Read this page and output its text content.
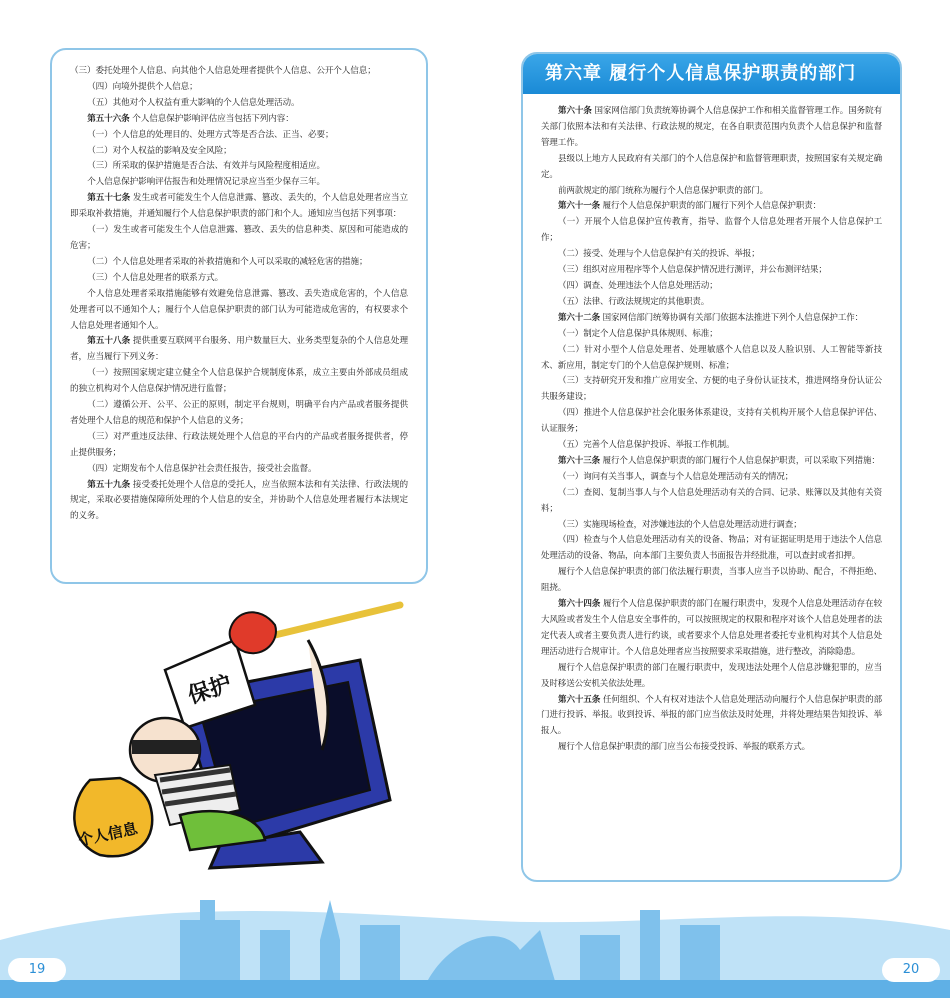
（三）委托处理个人信息、向其他个人信息处理者提供个人信息、公开个人信息；

（四）向境外提供个人信息；

（五）其他对个人权益有重大影响的个人信息处理活动。

第五十六条 个人信息保护影响评估应当包括下列内容：

（一）个人信息的处理目的、处理方式等是否合法、正当、必要；

（二）对个人权益的影响及安全风险；

（三）所采取的保护措施是否合法、有效并与风险程度相适应。

个人信息保护影响评估报告和处理情况记录应当至少保存三年。

第五十七条 发生或者可能发生个人信息泄露、篡改、丢失的，个人信息处理者应当立即采取补救措施，并通知履行个人信息保护职责的部门和个人。通知应当包括下列事项：

（一）发生或者可能发生个人信息泄露、篡改、丢失的信息种类、原因和可能造成的危害；

（二）个人信息处理者采取的补救措施和个人可以采取的减轻危害的措施；

（三）个人信息处理者的联系方式。

个人信息处理者采取措施能够有效避免信息泄露、篡改、丢失造成危害的，个人信息处理者可以不通知个人；履行个人信息保护职责的部门认为可能造成危害的，有权要求个人信息处理者通知个人。

第五十八条 提供重要互联网平台服务、用户数量巨大、业务类型复杂的个人信息处理者，应当履行下列义务：

（一）按照国家规定建立健全个人信息保护合规制度体系，成立主要由外部成员组成的独立机构对个人信息保护情况进行监督；

（二）遵循公开、公平、公正的原则，制定平台规则，明确平台内产品或者服务提供者处理个人信息的规范和保护个人信息的义务；

（三）对严重违反法律、行政法规处理个人信息的平台内的产品或者服务提供者，停止提供服务；

（四）定期发布个人信息保护社会责任报告，接受社会监督。

第五十九条 接受委托处理个人信息的受托人，应当依照本法和有关法律、行政法规的规定，采取必要措施保障所处理的个人信息的安全，并协助个人信息处理者履行本法规定的义务。

第六章 履行个人信息保护职责的部门

第六十条 国家网信部门负责统筹协调个人信息保护工作和相关监督管理工作。国务院有关部门依照本法和有关法律、行政法规的规定，在各自职责范围内负责个人信息保护和监督管理工作。

县级以上地方人民政府有关部门的个人信息保护和监督管理职责，按照国家有关规定确定。

前两款规定的部门统称为履行个人信息保护职责的部门。

第六十一条 履行个人信息保护职责的部门履行下列个人信息保护职责：

（一）开展个人信息保护宣传教育，指导、监督个人信息处理者开展个人信息保护工作；

（二）接受、处理与个人信息保护有关的投诉、举报；

（三）组织对应用程序等个人信息保护情况进行测评，并公布测评结果；

（四）调查、处理违法个人信息处理活动；

（五）法律、行政法规规定的其他职责。

第六十二条 国家网信部门统筹协调有关部门依据本法推进下列个人信息保护工作：

（一）制定个人信息保护具体规则、标准；

（二）针对小型个人信息处理者、处理敏感个人信息以及人脸识别、人工智能等新技术、新应用，制定专门的个人信息保护规则、标准；

（三）支持研究开发和推广应用安全、方便的电子身份认证技术，推进网络身份认证公共服务建设；

（四）推进个人信息保护社会化服务体系建设，支持有关机构开展个人信息保护评估、认证服务；

（五）完善个人信息保护投诉、举报工作机制。

第六十三条 履行个人信息保护职责的部门履行个人信息保护职责，可以采取下列措施：

（一）询问有关当事人，调查与个人信息处理活动有关的情况；

（二）查阅、复制当事人与个人信息处理活动有关的合同、记录、账簿以及其他有关资料；

（三）实施现场检查，对涉嫌违法的个人信息处理活动进行调查；

（四）检查与个人信息处理活动有关的设备、物品；对有证据证明是用于违法个人信息处理活动的设备、物品，向本部门主要负责人书面报告并经批准，可以查封或者扣押。

履行个人信息保护职责的部门依法履行职责，当事人应当予以协助、配合，不得拒绝、阻挠。

第六十四条 履行个人信息保护职责的部门在履行职责中，发现个人信息处理活动存在较大风险或者发生个人信息安全事件的，可以按照规定的权限和程序对该个人信息处理者的法定代表人或者主要负责人进行约谈，或者要求个人信息处理者委托专业机构对其个人信息处理活动进行合规审计。个人信息处理者应当按照要求采取措施，进行整改，消除隐患。

履行个人信息保护职责的部门在履行职责中，发现违法处理个人信息涉嫌犯罪的，应当及时移送公安机关依法处理。

第六十五条 任何组织、个人有权对违法个人信息处理活动向履行个人信息保护职责的部门进行投诉、举报。收到投诉、举报的部门应当依法及时处理，并将处理结果告知投诉、举报人。

履行个人信息保护职责的部门应当公布接受投诉、举报的联系方式。

保护
个人信息
19	20
